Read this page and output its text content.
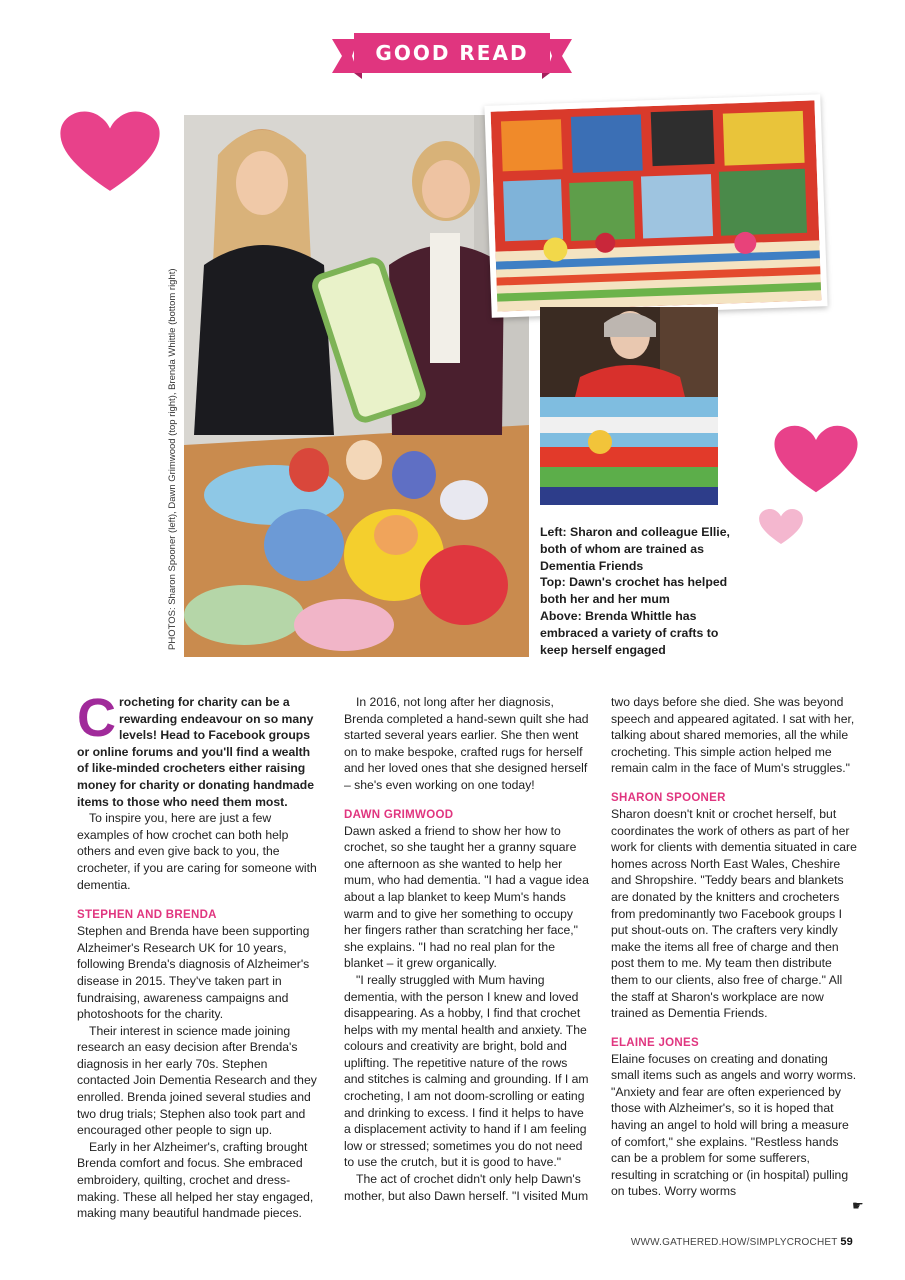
GOOD READ
PHOTOS: Sharon Spooner (left), Dawn Grimwood (top right), Brenda Whittle (bottom right)	Left: Sharon and colleague Ellie, both of whom are trained as Dementia Friends

Top: Dawn's crochet has helped both her and her mum

Above: Brenda Whittle has embraced a variety of crafts to keep herself engaged

Crocheting for charity can be a rewarding endeavour on so many levels! Head to Facebook groups or online forums and you'll find a wealth of like-minded crocheters either raising money for charity or donating handmade items to those who need them most.

To inspire you, here are just a few examples of how crochet can both help others and even give back to you, the crocheter, if you are caring for someone with dementia.

STEPHEN AND BRENDA

Stephen and Brenda have been supporting Alzheimer's Research UK for 10 years, following Brenda's diagnosis of Alzheimer's disease in 2015. They've taken part in fundraising, awareness campaigns and photoshoots for the charity.

Their interest in science made joining research an easy decision after Brenda's diagnosis in her early 70s. Stephen contacted Join Dementia Research and they enrolled. Brenda joined several studies and two drug trials; Stephen also took part and encouraged other people to sign up.

Early in her Alzheimer's, crafting brought Brenda comfort and focus. She embraced embroidery, quilting, crochet and dress-making. These all helped her stay engaged, making many beautiful handmade pieces.

In 2016, not long after her diagnosis, Brenda completed a hand-sewn quilt she had started several years earlier. She then went on to make bespoke, crafted rugs for herself and her loved ones that she designed herself – she's even working on one today!

DAWN GRIMWOOD

Dawn asked a friend to show her how to crochet, so she taught her a granny square one afternoon as she wanted to help her mum, who had dementia. "I had a vague idea about a lap blanket to keep Mum's hands warm and to give her something to occupy her fingers rather than scratching her face," she explains. "I had no real plan for the blanket – it grew organically.

"I really struggled with Mum having dementia, with the person I knew and loved disappearing. As a hobby, I find that crochet helps with my mental health and anxiety. The colours and creativity are bright, bold and uplifting. The repetitive nature of the rows and stitches is calming and grounding. If I am crocheting, I am not doom-scrolling or eating and drinking to excess. I find it helps to have a displacement activity to hand if I am feeling low or stressed; sometimes you do not need to use the crutch, but it is good to have."

The act of crochet didn't only help Dawn's mother, but also Dawn herself. "I visited Mum

two days before she died. She was beyond speech and appeared agitated. I sat with her, talking about shared memories, all the while crocheting. This simple action helped me remain calm in the face of Mum's struggles."

SHARON SPOONER

Sharon doesn't knit or crochet herself, but coordinates the work of others as part of her work for clients with dementia situated in care homes across North East Wales, Cheshire and Shropshire. "Teddy bears and blankets are donated by the knitters and crocheters from predominantly two Facebook groups I put shout-outs on. The crafters very kindly make the items all free of charge and then post them to me. My team then distribute them to our clients, also free of charge." All the staff at Sharon's workplace are now trained as Dementia Friends.

ELAINE JONES

Elaine focuses on creating and donating small items such as angels and worry worms. "Anxiety and fear are often experienced by those with Alzheimer's, so it is hoped that having an angel to hold will bring a measure of comfort," she explains. "Restless hands can be a problem for some sufferers, resulting in scratching or (in hospital) pulling on tubes. Worry worms

☛
WWW.GATHERED.HOW/SIMPLYCROCHET 59
